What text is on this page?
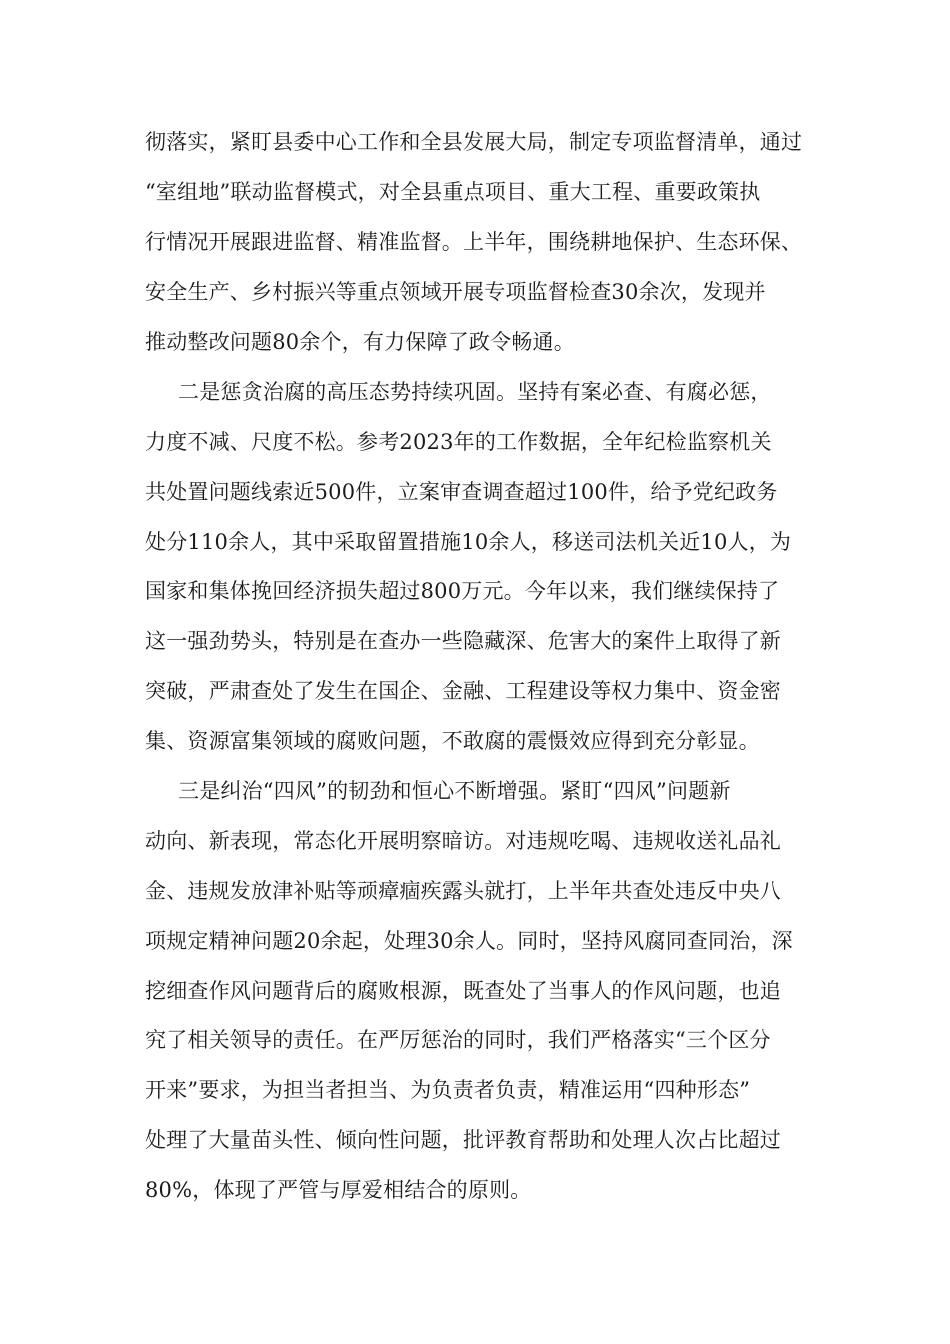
彻落实，紧盯县委中心工作和全县发展大局，制定专项监督清单，通过

“室组地”联动监督模式，对全县重点项目、重大工程、重要政策执

行情况开展跟进监督、精准监督。上半年，围绕耕地保护、生态环保、

安全生产、乡村振兴等重点领域开展专项监督检查30余次，发现并

推动整改问题80余个，有力保障了政令畅通。

二是惩贪治腐的高压态势持续巩固。坚持有案必查、有腐必惩，

力度不减、尺度不松。参考2023年的工作数据，全年纪检监察机关

共处置问题线索近500件，立案审查调查超过100件，给予党纪政务

处分110余人，其中采取留置措施10余人，移送司法机关近10人，为

国家和集体挽回经济损失超过800万元。今年以来，我们继续保持了

这一强劲势头，特别是在查办一些隐藏深、危害大的案件上取得了新

突破，严肃查处了发生在国企、金融、工程建设等权力集中、资金密

集、资源富集领域的腐败问题，不敢腐的震慑效应得到充分彰显。

三是纠治“四风”的韧劲和恒心不断增强。紧盯“四风”问题新

动向、新表现，常态化开展明察暗访。对违规吃喝、违规收送礼品礼

金、违规发放津补贴等顽瘴痼疾露头就打，上半年共查处违反中央八

项规定精神问题20余起，处理30余人。同时，坚持风腐同查同治，深

挖细查作风问题背后的腐败根源，既查处了当事人的作风问题，也追

究了相关领导的责任。在严厉惩治的同时，我们严格落实“三个区分

开来”要求，为担当者担当、为负责者负责，精准运用“四种形态”

处理了大量苗头性、倾向性问题，批评教育帮助和处理人次占比超过

80%，体现了严管与厚爱相结合的原则。
